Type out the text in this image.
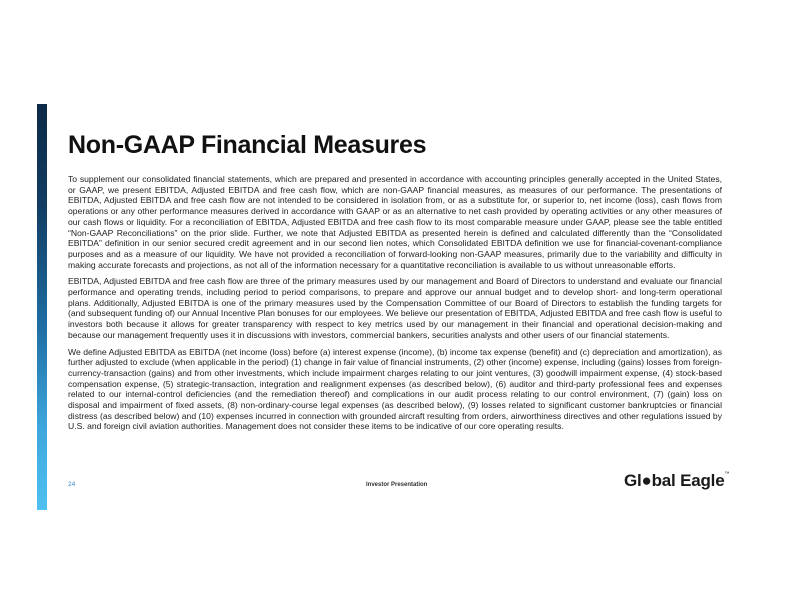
Non-GAAP Financial Measures

To supplement our consolidated financial statements, which are prepared and presented in accordance with accounting principles generally accepted in the United States, or GAAP, we present EBITDA, Adjusted EBITDA and free cash flow, which are non-GAAP financial measures, as measures of our performance. The presentations of EBITDA, Adjusted EBITDA and free cash flow are not intended to be considered in isolation from, or as a substitute for, or superior to, net income (loss), cash flows from operations or any other performance measures derived in accordance with GAAP or as an alternative to net cash provided by operating activities or any other measures of our cash flows or liquidity. For a reconciliation of EBITDA, Adjusted EBITDA and free cash flow to its most comparable measure under GAAP, please see the table entitled “Non-GAAP Reconciliations” on the prior slide. Further, we note that Adjusted EBITDA as presented herein is defined and calculated differently than the “Consolidated EBITDA” definition in our senior secured credit agreement and in our second lien notes, which Consolidated EBITDA definition we use for financial-covenant-compliance purposes and as a measure of our liquidity. We have not provided a reconciliation of forward-looking non-GAAP measures, primarily due to the variability and difficulty in making accurate forecasts and projections, as not all of the information necessary for a quantitative reconciliation is available to us without unreasonable efforts.

EBITDA, Adjusted EBITDA and free cash flow are three of the primary measures used by our management and Board of Directors to understand and evaluate our financial performance and operating trends, including period to period comparisons, to prepare and approve our annual budget and to develop short- and long-term operational plans. Additionally, Adjusted EBITDA is one of the primary measures used by the Compensation Committee of our Board of Directors to establish the funding targets for (and subsequent funding of) our Annual Incentive Plan bonuses for our employees. We believe our presentation of EBITDA, Adjusted EBITDA and free cash flow is useful to investors both because it allows for greater transparency with respect to key metrics used by our management in their financial and operational decision-making and because our management frequently uses it in discussions with investors, commercial bankers, securities analysts and other users of our financial statements.

We define Adjusted EBITDA as EBITDA (net income (loss) before (a) interest expense (income), (b) income tax expense (benefit) and (c) depreciation and amortization), as further adjusted to exclude (when applicable in the period) (1) change in fair value of financial instruments, (2) other (income) expense, including (gains) losses from foreign-currency-transaction (gains) and from other investments, which include impairment charges relating to our joint ventures, (3) goodwill impairment expense, (4) stock-based compensation expense, (5) strategic-transaction, integration and realignment expenses (as described below), (6) auditor and third-party professional fees and expenses related to our internal-control deficiencies (and the remediation thereof) and complications in our audit process relating to our control environment, (7) (gain) loss on disposal and impairment of fixed assets, (8) non-ordinary-course legal expenses (as described below), (9) losses related to significant customer bankruptcies or financial distress (as described below) and (10) expenses incurred in connection with grounded aircraft resulting from orders, airworthiness directives and other regulations issued by U.S. and foreign civil aviation authorities. Management does not consider these items to be indicative of our core operating results.

24	Investor Presentation	Gl●bal Eagle™
